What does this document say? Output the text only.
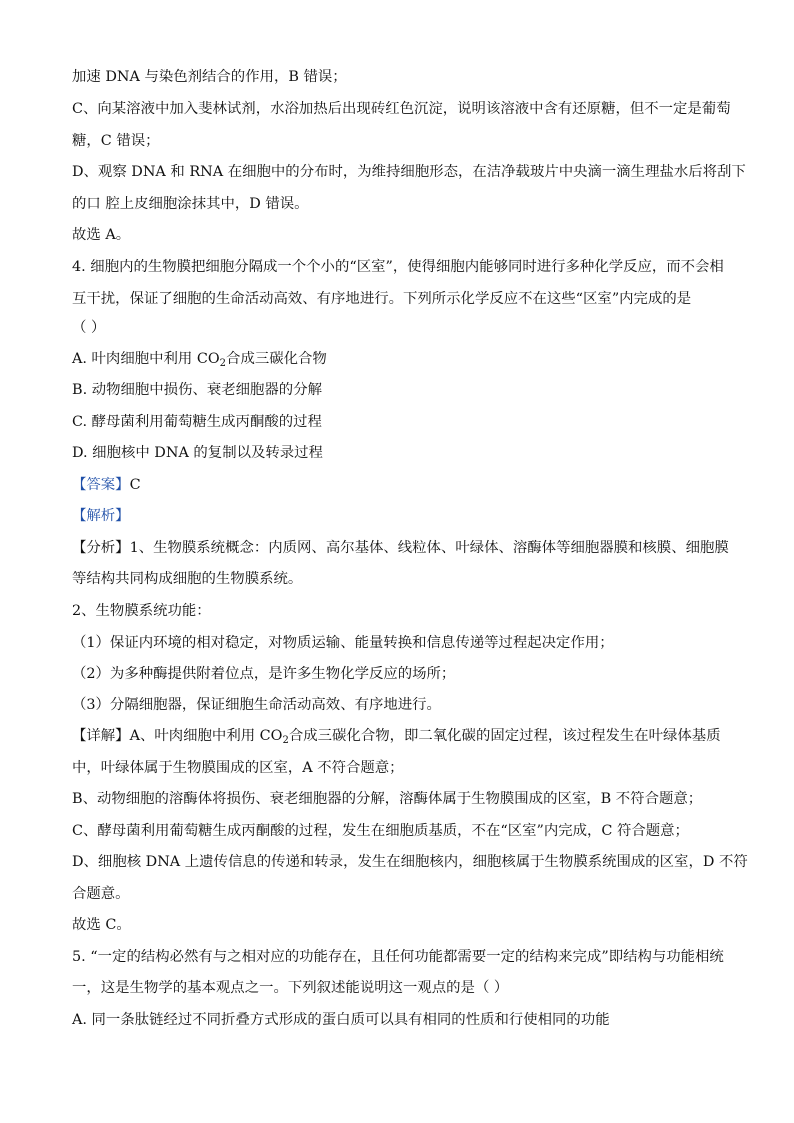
加速 DNA 与染色剂结合的作用，B 错误；
C、向某溶液中加入斐林试剂，水浴加热后出现砖红色沉淀，说明该溶液中含有还原糖，但不一定是葡萄
糖，C 错误；
D、观察 DNA 和 RNA 在细胞中的分布时，为维持细胞形态，在洁净载玻片中央滴一滴生理盐水后将刮下
的口 腔上皮细胞涂抹其中，D 错误。
故选 A。
4. 细胞内的生物膜把细胞分隔成一个个小的“区室”，使得细胞内能够同时进行多种化学反应，而不会相
互干扰，保证了细胞的生命活动高效、有序地进行。下列所示化学反应不在这些“区室”内完成的是
（ ）
A. 叶肉细胞中利用 $CO_2$合成三碳化合物
B. 动物细胞中损伤、衰老细胞器的分解
C. 酵母菌利用葡萄糖生成丙酮酸的过程
D. 细胞核中 DNA 的复制以及转录过程
【答案】C
【解析】
【分析】1、生物膜系统概念：内质网、高尔基体、线粒体、叶绿体、溶酶体等细胞器膜和核膜、细胞膜
等结构共同构成细胞的生物膜系统。
2、生物膜系统功能：
（1）保证内环境的相对稳定，对物质运输、能量转换和信息传递等过程起决定作用；
（2）为多种酶提供附着位点，是许多生物化学反应的场所；
（3）分隔细胞器，保证细胞生命活动高效、有序地进行。
【详解】A、叶肉细胞中利用 $CO_2$合成三碳化合物，即二氧化碳的固定过程，该过程发生在叶绿体基质
中，叶绿体属于生物膜围成的区室，A 不符合题意；
B、动物细胞的溶酶体将损伤、衰老细胞器的分解，溶酶体属于生物膜围成的区室，B 不符合题意；
C、酵母菌利用葡萄糖生成丙酮酸的过程，发生在细胞质基质，不在“区室”内完成，C 符合题意；
D、细胞核 DNA 上遗传信息的传递和转录，发生在细胞核内，细胞核属于生物膜系统围成的区室，D 不符
合题意。
故选 C。
5. “一定的结构必然有与之相对应的功能存在，且任何功能都需要一定的结构来完成”即结构与功能相统
一，这是生物学的基本观点之一。下列叙述能说明这一观点的是（ ）
A. 同一条肽链经过不同折叠方式形成的蛋白质可以具有相同的性质和行使相同的功能
